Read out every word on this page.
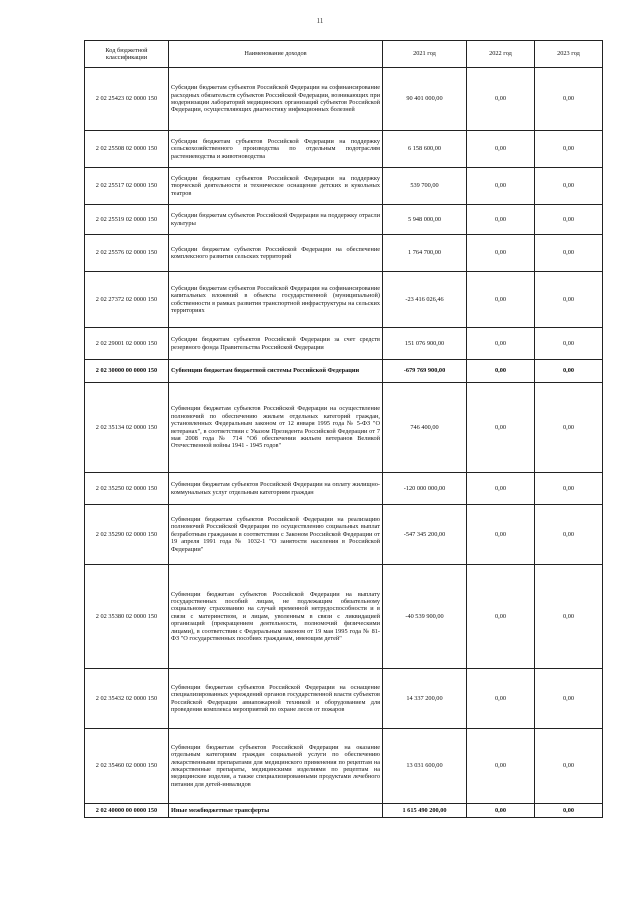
11
Код бюджетной классификации	Наименование доходов	2021 год	2022 год	2023 год
2 02 25423 02 0000 150	Субсидии бюджетам субъектов Российской Федерации на софинансирование расходных обязательств субъектов Российской Федерации, возникающих при модернизации лабораторий медицинских организаций субъектов Российской Федерации, осуществляющих диагностику инфекционных болезней	90 401 000,00	0,00	0,00
2 02 25508 02 0000 150	Субсидии бюджетам субъектов Российской Федерации на поддержку сельскохозяйственного производства по отдельным подотраслям растениеводства и животноводства	6 158 600,00	0,00	0,00
2 02 25517 02 0000 150	Субсидии бюджетам субъектов Российской Федерации на поддержку творческой деятельности и техническое оснащение детских и кукольных театров	539 700,00	0,00	0,00
2 02 25519 02 0000 150	Субсидии бюджетам субъектов Российской Федерации на поддержку отрасли культуры	5 948 000,00	0,00	0,00
2 02 25576 02 0000 150	Субсидии бюджетам субъектов Российской Федерации на обеспечение комплексного развития сельских территорий	1 764 700,00	0,00	0,00
2 02 27372 02 0000 150	Субсидии бюджетам субъектов Российской Федерации на софинансирование капитальных вложений в объекты государственной (муниципальной) собственности в рамках развития транспортной инфраструктуры на сельских территориях	-23 416 026,46	0,00	0,00
2 02 29001 02 0000 150	Субсидии бюджетам субъектов Российской Федерации за счет средств резервного фонда Правительства Российской Федерации	151 076 900,00	0,00	0,00
2 02 30000 00 0000 150	Субвенции бюджетам бюджетной системы Российской Федерации	-679 769 900,00	0,00	0,00
2 02 35134 02 0000 150	Субвенции бюджетам субъектов Российской Федерации на осуществление полномочий по обеспечению жильем отдельных категорий граждан, установленных Федеральным законом от 12 января 1995 года № 5-ФЗ "О ветеранах", в соответствии с Указом Президента Российской Федерации от 7 мая 2008 года № 714 "Об обеспечении жильем ветеранов Великой Отечественной войны 1941 - 1945 годов"	746 400,00	0,00	0,00
2 02 35250 02 0000 150	Субвенции бюджетам субъектов Российской Федерации на оплату жилищно-коммунальных услуг отдельным категориям граждан	-120 000 000,00	0,00	0,00
2 02 35290 02 0000 150	Субвенции бюджетам субъектов Российской Федерации на реализацию полномочий Российской Федерации по осуществлению социальных выплат безработным гражданам в соответствии с Законом Российской Федерации от 19 апреля 1991 года № 1032-1 "О занятости населения в Российской Федерации"	-547 345 200,00	0,00	0,00
2 02 35380 02 0000 150	Субвенции бюджетам субъектов Российской Федерации на выплату государственных пособий лицам, не подлежащим обязательному социальному страхованию на случай временной нетрудоспособности и в связи с материнством, и лицам, уволенным в связи с ликвидацией организаций (прекращением деятельности, полномочий физическими лицами), в соответствии с Федеральным законом от 19 мая 1995 года № 81-ФЗ "О государственных пособиях гражданам, имеющим детей"	-40 539 900,00	0,00	0,00
2 02 35432 02 0000 150	Субвенции бюджетам субъектов Российской Федерации на оснащение специализированных учреждений органов государственной власти субъектов Российской Федерации авиапожарной техникой и оборудованием для проведения комплекса мероприятий по охране лесов от пожаров	14 337 200,00	0,00	0,00
2 02 35460 02 0000 150	Субвенции бюджетам субъектов Российской Федерации на оказание отдельным категориям граждан социальной услуги по обеспечению лекарственными препаратами для медицинского применения по рецептам на лекарственные препараты, медицинскими изделиями по рецептам на медицинские изделия, а также специализированными продуктами лечебного питания для детей-инвалидов	13 031 600,00	0,00	0,00
2 02 40000 00 0000 150	Иные межбюджетные трансферты	1 615 490 200,00	0,00	0,00
